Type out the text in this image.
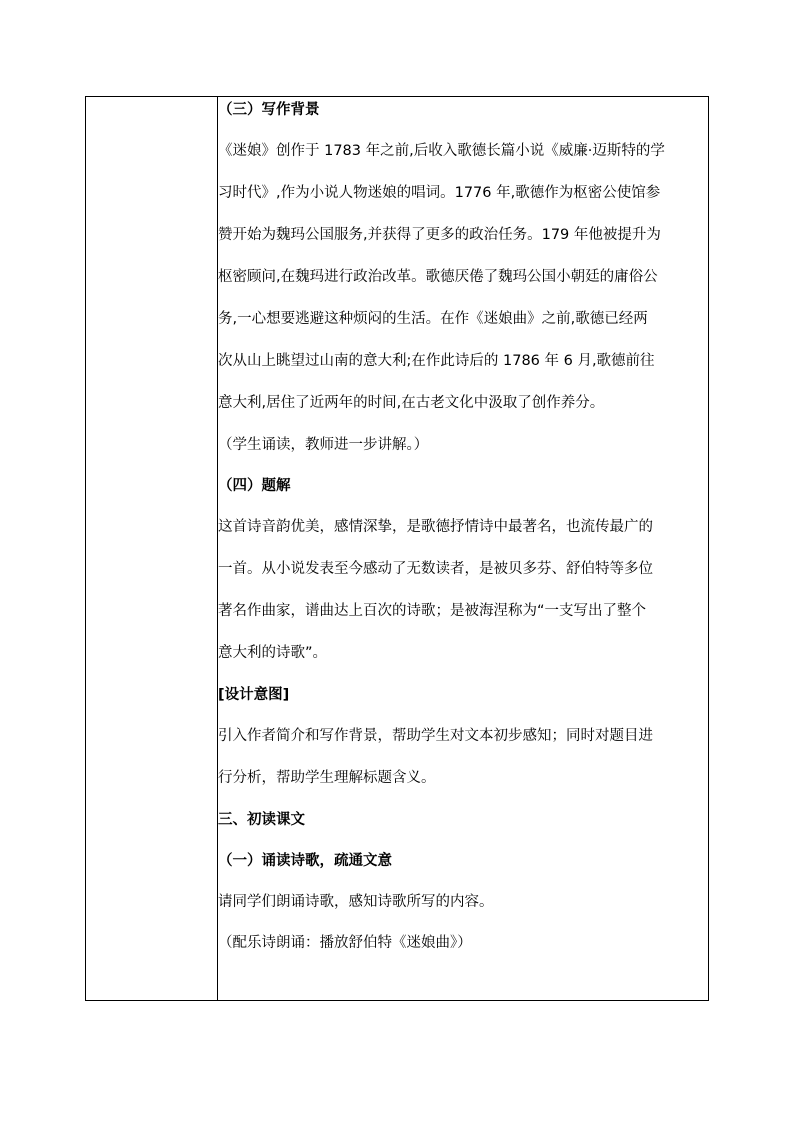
（三）写作背景
《迷娘》创作于 1783 年之前,后收入歌德长篇小说《威廉·迈斯特的学
习时代》,作为小说人物迷娘的唱词。1776 年,歌德作为枢密公使馆参
赞开始为魏玛公国服务,并获得了更多的政治任务。179 年他被提升为
枢密顾问,在魏玛进行政治改革。歌德厌倦了魏玛公国小朝廷的庸俗公
务,一心想要逃避这种烦闷的生活。在作《迷娘曲》之前,歌德已经两
次从山上眺望过山南的意大利;在作此诗后的 1786 年 6 月,歌德前往
意大利,居住了近两年的时间,在古老文化中汲取了创作养分。
（学生诵读，教师进一步讲解。）
（四）题解
这首诗音韵优美，感情深挚，是歌德抒情诗中最著名，也流传最广的
一首。从小说发表至今感动了无数读者，是被贝多芬、舒伯特等多位
著名作曲家，谱曲达上百次的诗歌；是被海涅称为“一支写出了整个
意大利的诗歌”。
[设计意图]
引入作者简介和写作背景，帮助学生对文本初步感知；同时对题目进
行分析，帮助学生理解标题含义。
三、初读课文
（一）诵读诗歌，疏通文意
请同学们朗诵诗歌，感知诗歌所写的内容。
（配乐诗朗诵：播放舒伯特《迷娘曲》）
